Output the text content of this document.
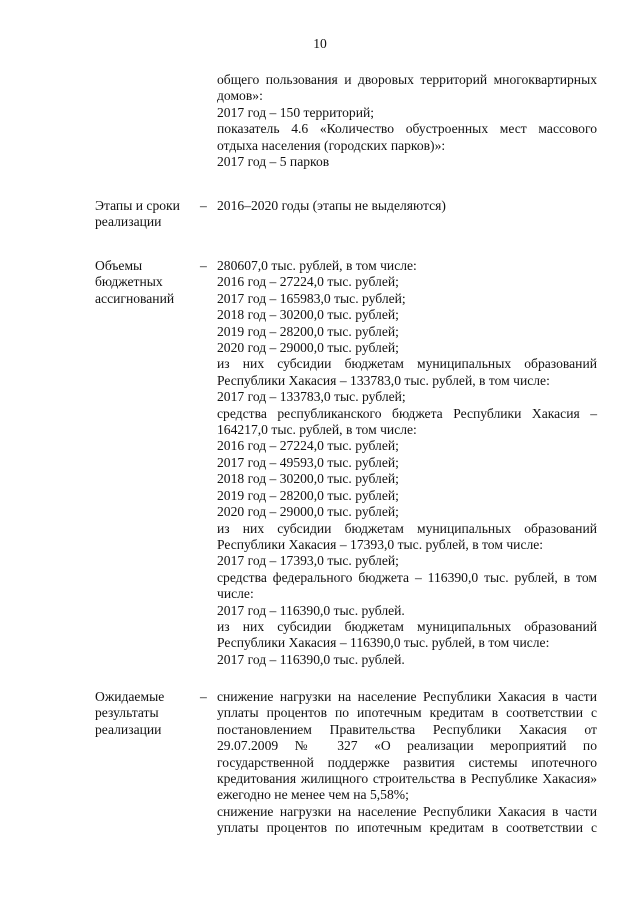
10

общего пользования и дворовых территорий многоквартирных домов»:

2017 год – 150 территорий;

показатель 4.6 «Количество обустроенных мест массового отдыха населения (городских парков)»:

2017 год – 5 парков

Этапы и сроки реализации
– 2016–2020 годы (этапы не выделяются)

Объемы бюджетных ассигнований
– 280607,0 тыс. рублей, в том числе:

2016 год – 27224,0 тыс. рублей;

2017 год – 165983,0 тыс. рублей;

2018 год – 30200,0 тыс. рублей;

2019 год – 28200,0 тыс. рублей;

2020 год – 29000,0 тыс. рублей;

из них субсидии бюджетам муниципальных образований Республики Хакасия – 133783,0 тыс. рублей, в том числе:

2017 год – 133783,0 тыс. рублей;

средства республиканского бюджета Республики Хакасия – 164217,0 тыс. рублей, в том числе:

2016 год – 27224,0 тыс. рублей;

2017 год – 49593,0 тыс. рублей;

2018 год – 30200,0 тыс. рублей;

2019 год – 28200,0 тыс. рублей;

2020 год – 29000,0 тыс. рублей;

из них субсидии бюджетам муниципальных образований Республики Хакасия – 17393,0 тыс. рублей, в том числе:

2017 год – 17393,0 тыс. рублей;

средства федерального бюджета – 116390,0 тыс. рублей, в том числе:

2017 год – 116390,0 тыс. рублей.

из них субсидии бюджетам муниципальных образований Республики Хакасия – 116390,0 тыс. рублей, в том числе:

2017 год – 116390,0 тыс. рублей.

Ожидаемые результаты реализации
– снижение нагрузки на население Республики Хакасия в части уплаты процентов по ипотечным кредитам в соответствии с постановлением Правительства Республики Хакасия от 29.07.2009 № 327 «О реализации мероприятий по государственной поддержке развития системы ипотечного кредитования жилищного строительства в Республике Хакасия» ежегодно не менее чем на 5,58%;

снижение нагрузки на население Республики Хакасия в части уплаты процентов по ипотечным кредитам в соответствии с
